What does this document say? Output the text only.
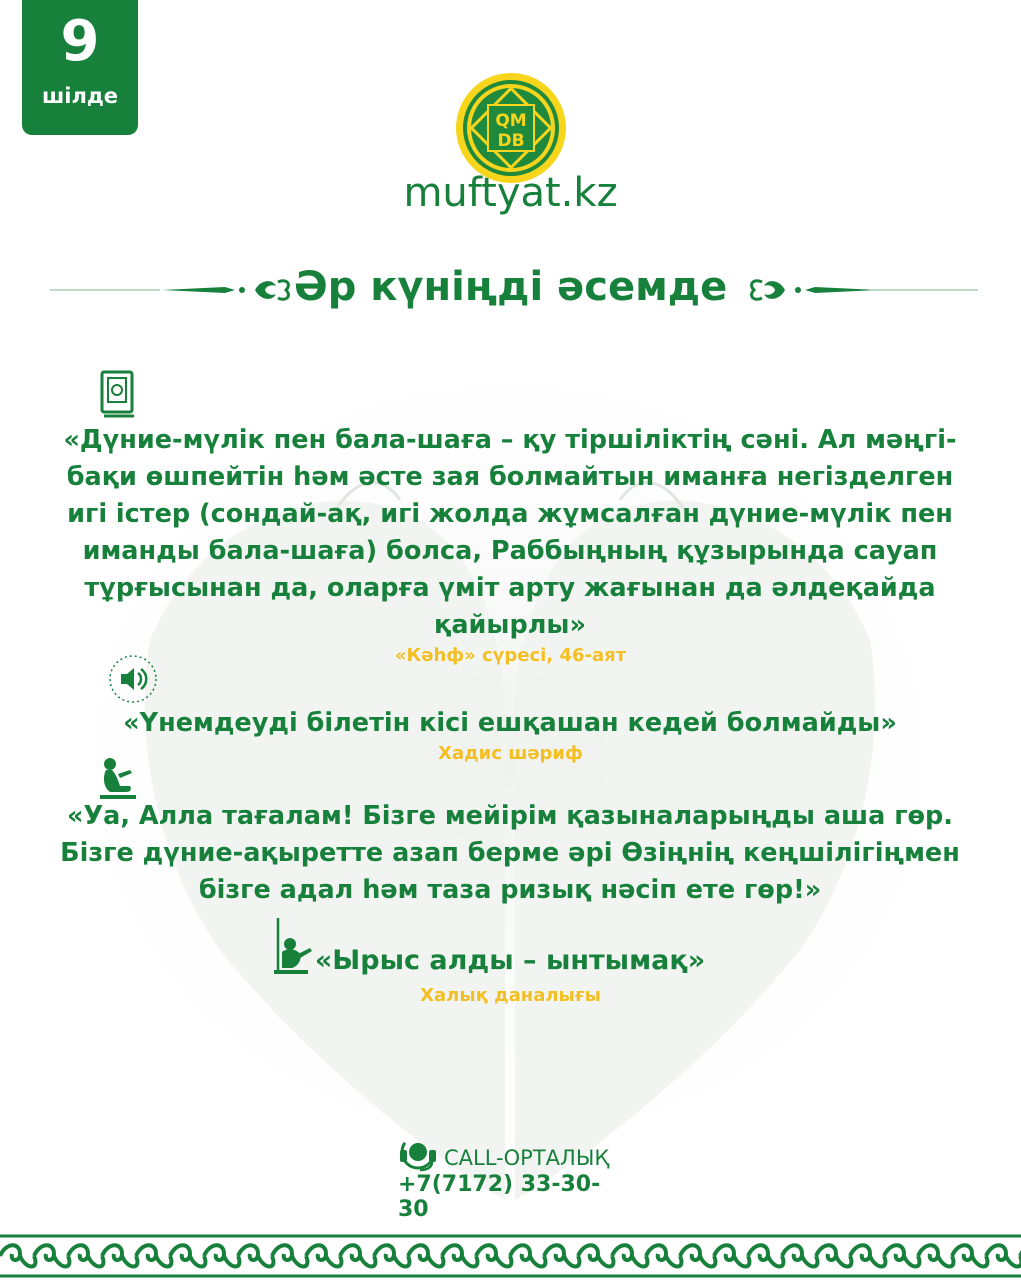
9
шілде
QM
DB
muftyat.kz
Әр күніңді әсемде
«Дүние-мүлік пен бала-шаға – қу тіршіліктің сәні. Ал мәңгі-бақи өшпейтін һәм әсте зая болмайтын иманға негізделген игі істер (сондай-ақ, игі жолда жұмсалған дүние-мүлік пен иманды бала-шаға) болса, Раббыңның құзырында сауап тұрғысынан да, оларға үміт арту жағынан да әлдеқайда қайырлы»
«Кәһф» сүресі, 46-аят
«Үнемдеуді білетін кісі ешқашан кедей болмайды»
Хадис шәриф
«Уа, Алла тағалам! Бізге мейірім қазыналарыңды аша гөр. Бізге дүние-ақыретте азап берме әрі Өзіңнің кеңшілігіңмен бізге адал һәм таза ризық нәсіп ете гөр!»
«Ырыс алды – ынтымақ»
Халық даналығы
CALL-ОРТАЛЫҚ
+7(7172) 33-30-30
